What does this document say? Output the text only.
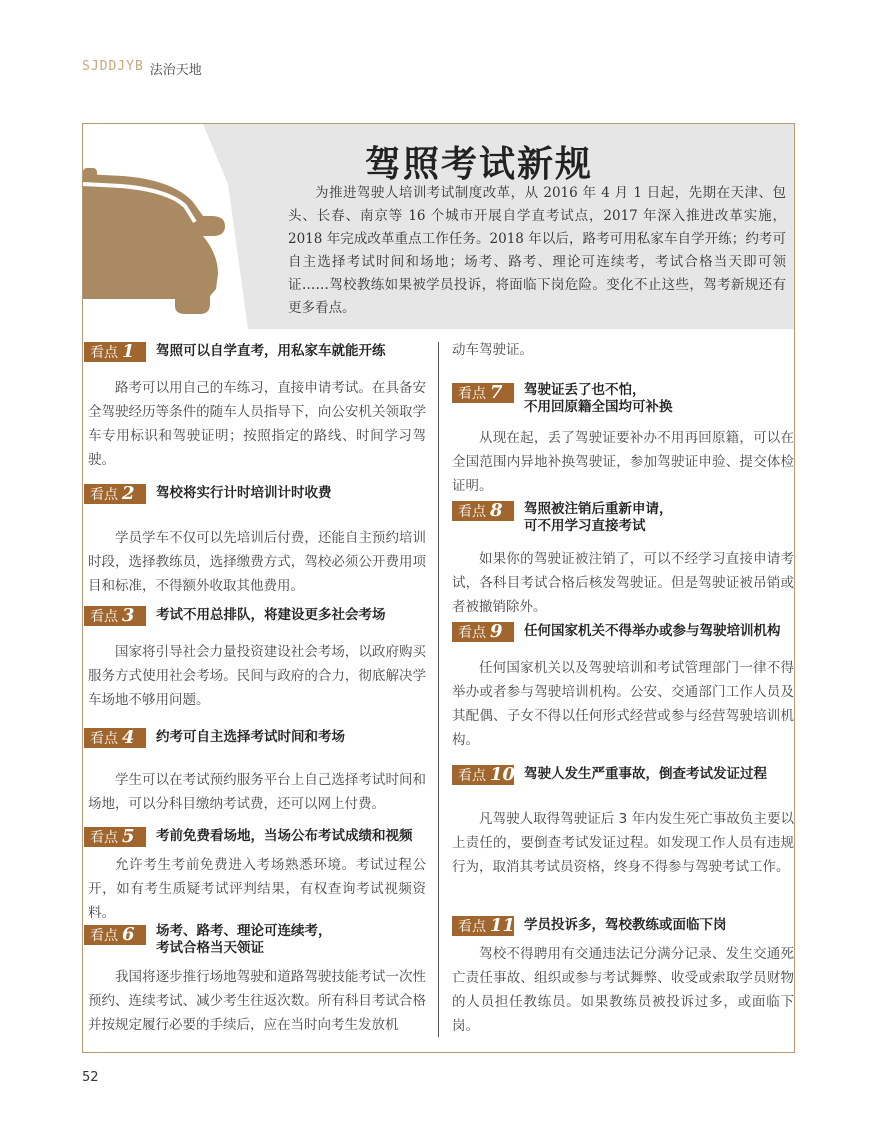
SJDDJYB 法治天地
驾照考试新规
为推进驾驶人培训考试制度改革，从 2016 年 4 月 1 日起，先期在天津、包头、长春、南京等 16 个城市开展自学直考试点，2017 年深入推进改革实施，2018 年完成改革重点工作任务。2018 年以后，路考可用私家车自学开练；约考可自主选择考试时间和场地；场考、路考、理论可连续考，考试合格当天即可领证……驾校教练如果被学员投诉，将面临下岗危险。变化不止这些，驾考新规还有更多看点。
看点 1	驾照可以自学直考，用私家车就能开练
路考可以用自己的车练习，直接申请考试。在具备安全驾驶经历等条件的随车人员指导下，向公安机关领取学车专用标识和驾驶证明；按照指定的路线、时间学习驾驶。
看点 2	驾校将实行计时培训计时收费
学员学车不仅可以先培训后付费，还能自主预约培训时段，选择教练员，选择缴费方式，驾校必须公开费用项目和标准，不得额外收取其他费用。
看点 3	考试不用总排队，将建设更多社会考场
国家将引导社会力量投资建设社会考场，以政府购买服务方式使用社会考场。民间与政府的合力，彻底解决学车场地不够用问题。
看点 4	约考可自主选择考试时间和考场
学生可以在考试预约服务平台上自己选择考试时间和场地，可以分科目缴纳考试费，还可以网上付费。
看点 5	考前免费看场地，当场公布考试成绩和视频
允许考生考前免费进入考场熟悉环境。考试过程公开，如有考生质疑考试评判结果，有权查询考试视频资料。
看点 6	场考、路考、理论可连续考，
考试合格当天领证
我国将逐步推行场地驾驶和道路驾驶技能考试一次性预约、连续考试、减少考生往返次数。所有科目考试合格并按规定履行必要的手续后，应在当时向考生发放机
动车驾驶证。
看点 7	驾驶证丢了也不怕，
不用回原籍全国均可补换
从现在起，丢了驾驶证要补办不用再回原籍，可以在全国范围内异地补换驾驶证，参加驾驶证申验、提交体检证明。
看点 8	驾照被注销后重新申请，
可不用学习直接考试
如果你的驾驶证被注销了，可以不经学习直接申请考试，各科目考试合格后核发驾驶证。但是驾驶证被吊销或者被撤销除外。
看点 9	任何国家机关不得举办或参与驾驶培训机构
任何国家机关以及驾驶培训和考试管理部门一律不得举办或者参与驾驶培训机构。公安、交通部门工作人员及其配偶、子女不得以任何形式经营或参与经营驾驶培训机构。
看点 10 驾驶人发生严重事故，倒查考试发证过程
凡驾驶人取得驾驶证后 3 年内发生死亡事故负主要以上责任的，要倒查考试发证过程。如发现工作人员有违规行为，取消其考试员资格，终身不得参与驾驶考试工作。
看点 11 学员投诉多，驾校教练或面临下岗
驾校不得聘用有交通违法记分满分记录、发生交通死亡责任事故、组织或参与考试舞弊、收受或索取学员财物的人员担任教练员。如果教练员被投诉过多，或面临下岗。
52
